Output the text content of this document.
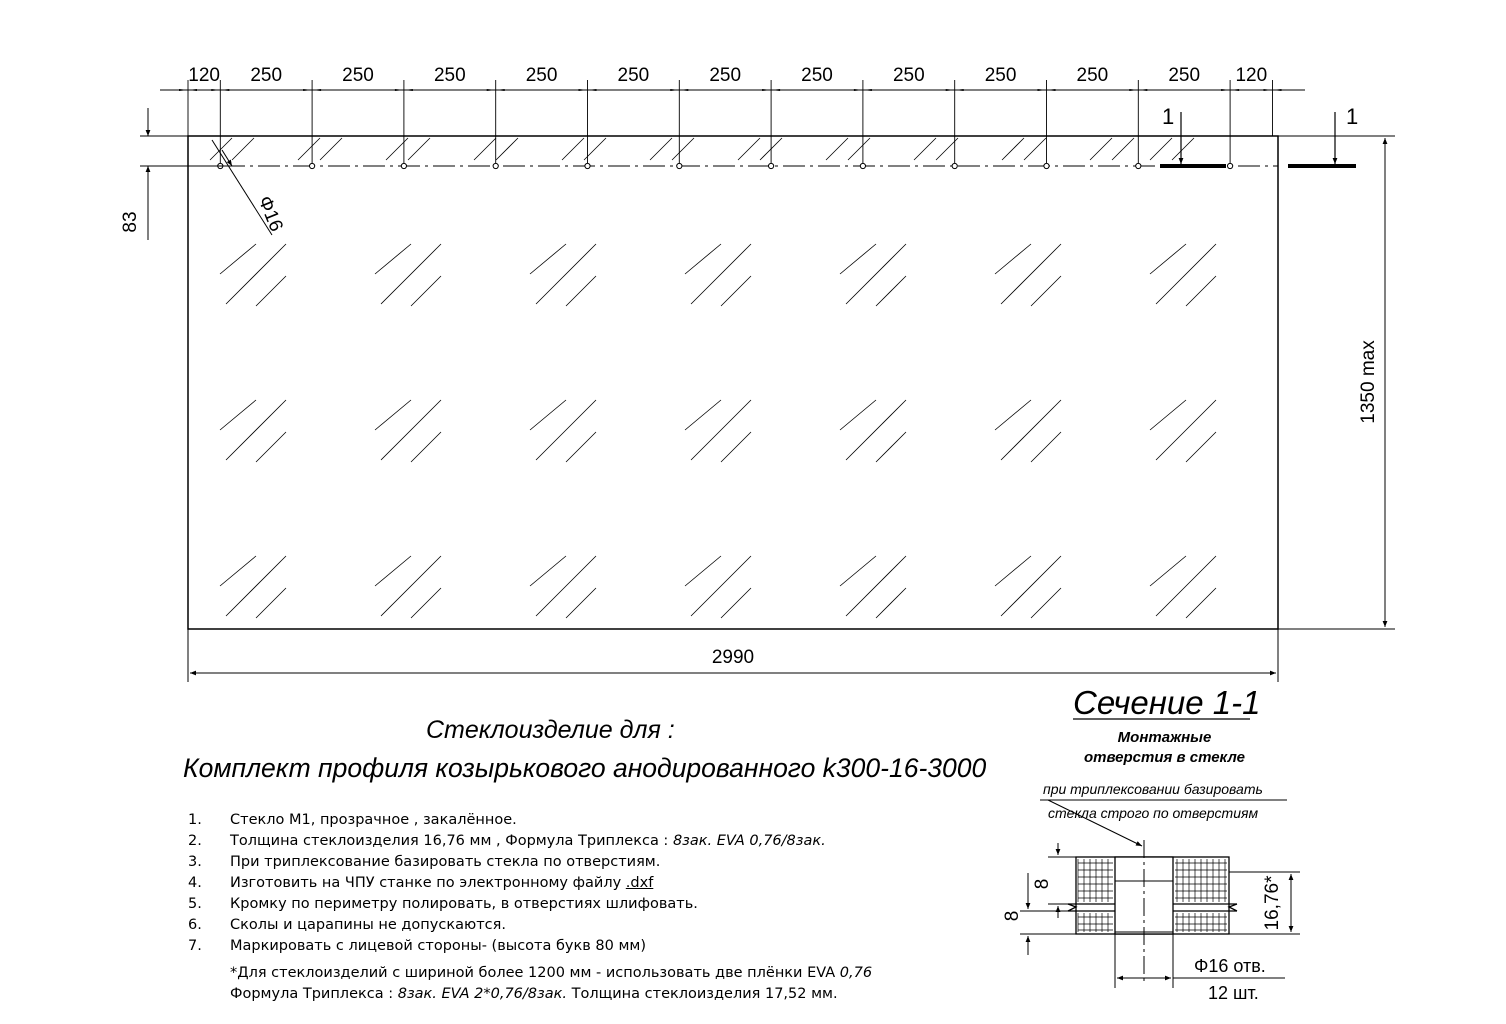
120 250	250	250	250	250	250	250	250	250	250	250 120
83	Φ16
1	1
1350 max
2990
8
8	16,76*
Сечение 1-1
Монтажные
отверстия в стекле
при триплексовании базировать
стекла строго по отверстиям
Φ16 отв.
12 шт.
Стеклоизделие для :
Комплект профиля козырькового анодированного k300-16-3000
1. Стекло М1, прозрачное , закалённое.
2. Толщина стеклоизделия 16,76 мм , Формула Триплекса : 8зак. EVA 0,76/8зак.
3. При триплексование базировать стекла по отверстиям.
4. Изготовить на ЧПУ станке по электронному файлу .dxf
5. Кромку по периметру полировать, в отверстиях шлифовать.
6. Сколы и царапины не допускаются.
7. Маркировать с лицевой стороны- (высота букв 80 мм)
*Для стеклоизделий с шириной более 1200 мм - использовать две плёнки EVA 0,76
Формула Триплекса : 8зак. EVA 2*0,76/8зак. Толщина стеклоизделия 17,52 мм.
